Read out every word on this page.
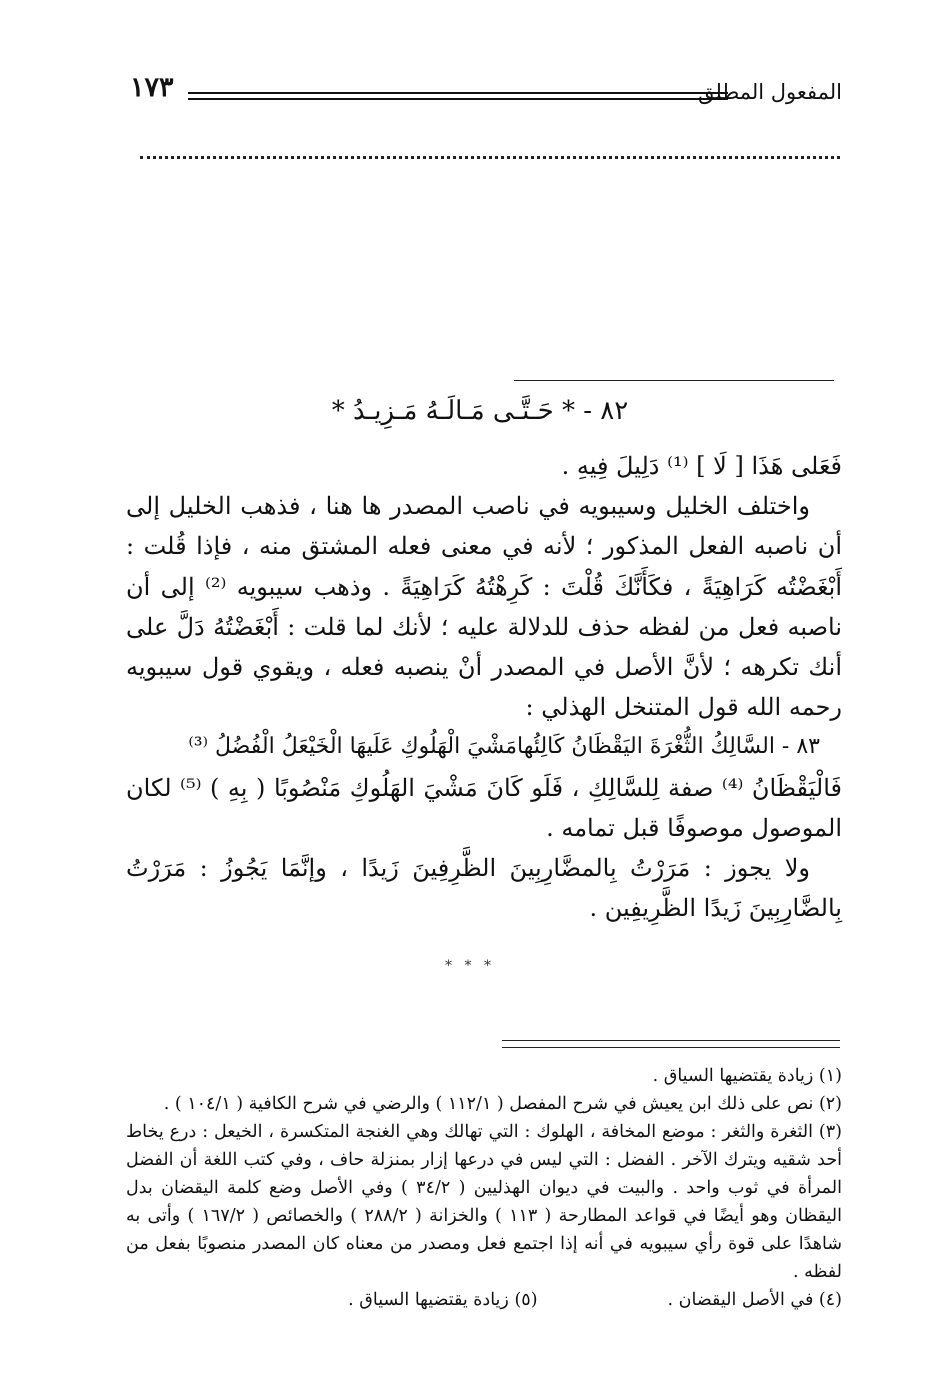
المفعول المطلق
١٧٣
٨٢ - * حَـتَّـى مَـالَـهُ مَـزِيـدُ *

فَعَلى هَذَا [ لَا ] ⁽¹⁾ دَلِيلَ فِيهِ .

واختلف الخليل وسيبويه في ناصب المصدر ها هنا ، فذهب الخليل إلى أن ناصبه الفعل المذكور ؛ لأنه في معنى فعله المشتق منه ، فإذا قُلت : أَبْغَضْتُه كَرَاهِيَةً ، فكَأَنَّكَ قُلْتَ : كَرِهْتُهُ كَرَاهِيَةً . وذهب سيبويه ⁽²⁾ إلى أن ناصبه فعل من لفظه حذف للدلالة عليه ؛ لأنك لما قلت : أَبْغَضْتُهُ دَلَّ على أنك تكرهه ؛ لأنَّ الأصل في المصدر أنْ ينصبه فعله ، ويقوي قول سيبويه رحمه الله قول المتنخل الهذلي :

٨٣ - السَّالِكُ الثُّغْرَةَ اليَقْظَانُ كَالِئُها
مَشْيَ الْهَلُوكِ عَلَيهَا الْخَيْعَلُ الْفُضُلُ ⁽³⁾

فَالْيَقْظَانُ ⁽⁴⁾ صفة لِلسَّالِكِ ، فَلَو كَانَ مَشْيَ الهَلُوكِ مَنْصُوبًا ( بِهِ ) ⁽⁵⁾ لكان الموصول موصوفًا قبل تمامه .

ولا يجوز : مَرَرْتُ بِالمضَّارِبِينَ الظَّرِفِينَ زَيدًا ، وإنَّمَا يَجُوزُ : مَرَرْتُ بِالضَّارِبِينَ زَيدًا الظَّرِيفِين .

* * *

(١) زيادة يقتضيها السياق .

(٢) نص على ذلك ابن يعيش في شرح المفصل ( ١١٢/١ ) والرضي في شرح الكافية ( ١٠٤/١ ) .

(٣) الثغرة والثغر : موضع المخافة ، الهلوك : التي تهالك وهي الغنجة المتكسرة ، الخيعل : درع يخاط أحد شقيه ويترك الآخر . الفضل : التي ليس في درعها إزار بمنزلة حاف ، وفي كتب اللغة أن الفضل المرأة في ثوب واحد . والبيت في ديوان الهذليين ( ٣٤/٢ ) وفي الأصل وضع كلمة اليقضان بدل اليقظان وهو أيضًا في قواعد المطارحة ( ١١٣ ) والخزانة ( ٢٨٨/٢ ) والخصائص ( ١٦٧/٢ ) وأتى به شاهدًا على قوة رأي سيبويه في أنه إذا اجتمع فعل ومصدر من معناه كان المصدر منصوبًا بفعل من لفظه .

(٤) في الأصل اليقضان .
(٥) زيادة يقتضيها السياق .
